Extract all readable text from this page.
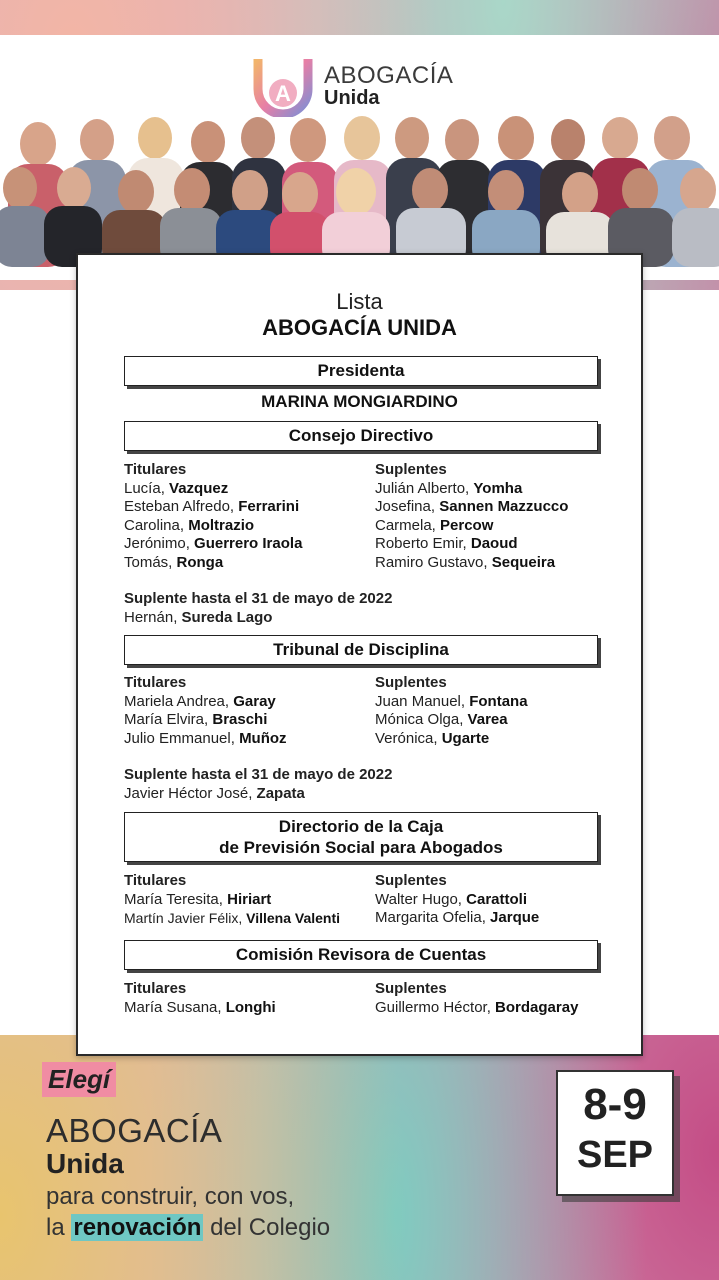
A
ABOGACÍA
Unida
Lista
ABOGACÍA UNIDA
Presidenta
MARINA MONGIARDINO
Consejo Directivo
Titulares
Lucía, Vazquez
Esteban Alfredo, Ferrarini
Carolina, Moltrazio
Jerónimo, Guerrero Iraola
Tomás, Ronga
Suplentes
Julián Alberto, Yomha
Josefina, Sannen Mazzucco
Carmela, Percow
Roberto Emir, Daoud
Ramiro Gustavo, Sequeira
Suplente hasta el 31 de mayo de 2022
Hernán, Sureda Lago
Tribunal de Disciplina
Titulares
Mariela Andrea, Garay
María Elvira, Braschi
Julio Emmanuel, Muñoz
Suplentes
Juan Manuel, Fontana
Mónica Olga, Varea
Verónica, Ugarte
Suplente hasta el 31 de mayo de 2022
Javier Héctor José, Zapata
Directorio de la Caja
de Previsión Social para Abogados
Titulares
María Teresita, Hiriart
Martín Javier Félix, Villena Valenti
Suplentes
Walter Hugo, Carattoli
Margarita Ofelia, Jarque
Comisión Revisora de Cuentas
Titulares
María Susana, Longhi
Suplentes
Guillermo Héctor, Bordagaray
Elegí
ABOGACÍA
Unida
para construir, con vos,
la renovación del Colegio
8-9
SEP
